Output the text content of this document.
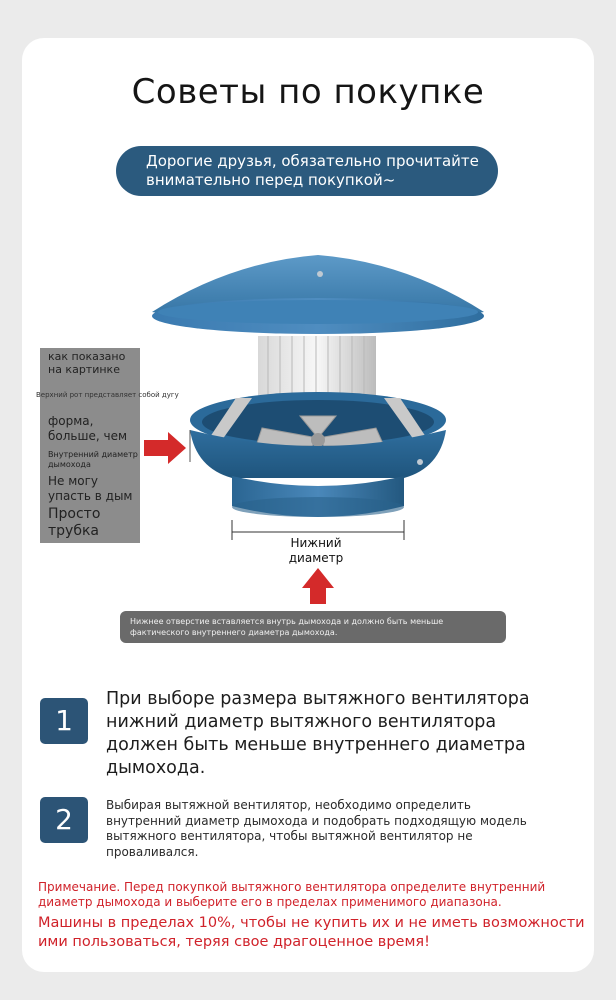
Советы по покупке
Дорогие друзья, обязательно прочитайте
внимательно перед покупкой~
как показано
на картинке
форма,
больше, чем
Внутренний диаметр
дымохода
Не могу
упасть в дым
Просто
трубка
Верхний рот представляет собой дугу
Нижний
диаметр
Нижнее отверстие вставляется внутрь дымохода и должно быть меньше
фактического внутреннего диаметра дымохода.
1
При выборе размера вытяжного вентилятора нижний диаметр вытяжного вентилятора должен быть меньше внутреннего диаметра дымохода.
2	Выбирая вытяжной вентилятор, необходимо определить внутренний диаметр дымохода и подобрать подходящую модель вытяжного вентилятора, чтобы вытяжной вентилятор не проваливался.
Примечание. Перед покупкой вытяжного вентилятора определите внутренний диаметр дымохода и выберите его в пределах применимого диапазона.
Машины в пределах 10%, чтобы не купить их и не иметь возможности ими пользоваться, теряя свое драгоценное время!
